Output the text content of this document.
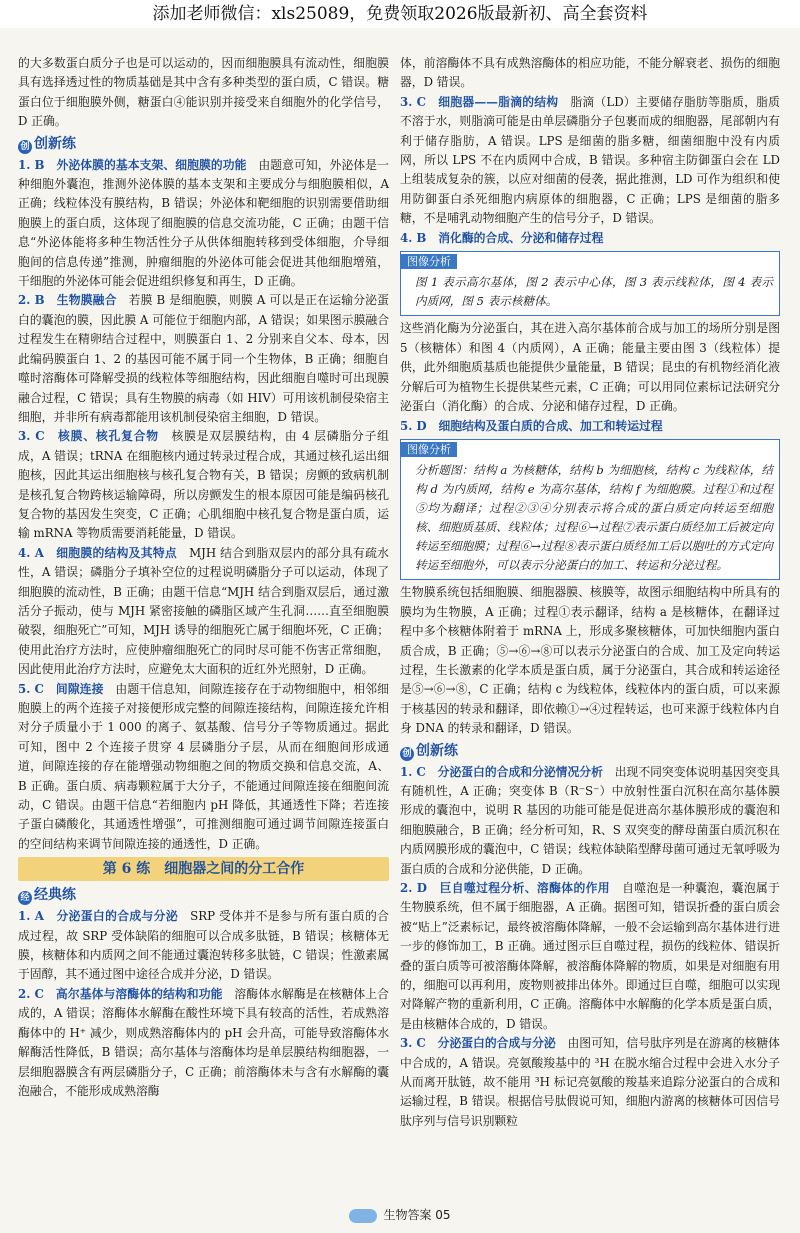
添加老师微信：xls25089，免费领取2026版最新初、高全套资料

的大多数蛋白质分子也是可以运动的，因而细胞膜具有流动性，细胞膜具有选择透过性的物质基础是其中含有多种类型的蛋白质，C 错误。糖蛋白位于细胞膜外侧，糖蛋白④能识别并接受来自细胞外的化学信号，D 正确。

创 创新练

1. B　 外泌体膜的基本支架、细胞膜的功能　 由题意可知，外泌体是一种细胞外囊泡，推测外泌体膜的基本支架和主要成分与细胞膜相似，A 正确；线粒体没有膜结构，B 错误；外泌体和靶细胞的识别需要借助细胞膜上的蛋白质，这体现了细胞膜的信息交流功能，C 正确；由题干信息“外泌体能将多种生物活性分子从供体细胞转移到受体细胞，介导细胞间的信息传递”推测，肿瘤细胞的外泌体可能会促进其他细胞增殖，干细胞的外泌体可能会促进组织修复和再生，D 正确。

2. B　 生物膜融合　 若膜 B 是细胞膜，则膜 A 可以是正在运输分泌蛋白的囊泡的膜，因此膜 A 可能位于细胞内部，A 错误；如果图示膜融合过程发生在精卵结合过程中，则膜蛋白 1、2 分别来自父本、母本，因此编码膜蛋白 1、2 的基因可能不属于同一个生物体，B 正确；细胞自噬时溶酶体可降解受损的线粒体等细胞结构，因此细胞自噬时可出现膜融合过程，C 错误；具有生物膜的病毒（如 HIV）可用该机制侵染宿主细胞，并非所有病毒都能用该机制侵染宿主细胞，D 错误。

3. C　 核膜、核孔复合物　 核膜是双层膜结构，由 4 层磷脂分子组成，A 错误；tRNA 在细胞核内通过转录过程合成，其通过核孔运出细胞核，因此其运出细胞核与核孔复合物有关，B 错误；房颤的致病机制是核孔复合物跨核运输障碍，所以房颤发生的根本原因可能是编码核孔复合物的基因发生突变，C 正确；心肌细胞中核孔复合物是蛋白质，运输 mRNA 等物质需要消耗能量，D 错误。

4. A　 细胞膜的结构及其特点　 MJH 结合到脂双层内的部分具有疏水性，A 错误；磷脂分子填补空位的过程说明磷脂分子可以运动，体现了细胞膜的流动性，B 正确；由题干信息“MJH 结合到脂双层后，通过激活分子振动，使与 MJH 紧密接触的磷脂区域产生孔洞……直至细胞膜破裂，细胞死亡”可知，MJH 诱导的细胞死亡属于细胞坏死，C 正确；使用此治疗方法时，应使肿瘤细胞死亡的同时尽可能不伤害正常细胞，因此使用此治疗方法时，应避免太大面积的近红外光照射，D 正确。

5. C　 间隙连接　 由题干信息知，间隙连接存在于动物细胞中，相邻细胞膜上的两个连接子对接便形成完整的间隙连接结构，间隙连接允许相对分子质量小于 1 000 的离子、氨基酸、信号分子等物质通过。据此可知，图中 2 个连接子贯穿 4 层磷脂分子层，从而在细胞间形成通道，间隙连接的存在能增强动物细胞之间的物质交换和信息交流，A、B 正确。蛋白质、病毒颗粒属于大分子，不能通过间隙连接在细胞间流动，C 错误。由题干信息“若细胞内 pH 降低，其通透性下降；若连接子蛋白磷酸化，其通透性增强”，可推测细胞可通过调节间隙连接蛋白的空间结构来调节间隙连接的通透性，D 正确。

第 6 练　细胞器之间的分工合作
经 经典练

1. A　 分泌蛋白的合成与分泌　 SRP 受体并不是参与所有蛋白质的合成过程，故 SRP 受体缺陷的细胞可以合成多肽链，B 错误；核糖体无膜，核糖体和内质网之间不能通过囊泡转移多肽链，C 错误；性激素属于固醇，其不通过图中途径合成并分泌，D 错误。

2. C　 高尔基体与溶酶体的结构和功能　 溶酶体水解酶是在核糖体上合成的，A 错误；溶酶体水解酶在酸性环境下具有较高的活性，若成熟溶酶体中的 H⁺ 减少，则成熟溶酶体内的 pH 会升高，可能导致溶酶体水解酶活性降低，B 错误；高尔基体与溶酶体均是单层膜结构细胞器，一层细胞器膜含有两层磷脂分子，C 正确；前溶酶体未与含有水解酶的囊泡融合，不能形成成熟溶酶

体，前溶酶体不具有成熟溶酶体的相应功能，不能分解衰老、损伤的细胞器，D 错误。

3. C　 细胞器——脂滴的结构　 脂滴（LD）主要储存脂肪等脂质，脂质不溶于水，则脂滴可能是由单层磷脂分子包裹而成的细胞器，尾部朝内有利于储存脂肪，A 错误。LPS 是细菌的脂多糖，细菌细胞中没有内质网，所以 LPS 不在内质网中合成，B 错误。多种宿主防御蛋白会在 LD 上组装成复杂的簇，以应对细菌的侵袭，据此推测，LD 可作为组织和使用防御蛋白杀死细胞内病原体的细胞器，C 正确；LPS 是细菌的脂多糖，不是哺乳动物细胞产生的信号分子，D 错误。

4. B　 消化酶的合成、分泌和储存过程

图像分析
图 1 表示高尔基体，图 2 表示中心体，图 3 表示线粒体，图 4 表示内质网，图 5 表示核糖体。

这些消化酶为分泌蛋白，其在进入高尔基体前合成与加工的场所分别是图 5（核糖体）和图 4（内质网），A 正确；能量主要由图 3（线粒体）提供，此外细胞质基质也能提供少量能量，B 错误；昆虫的有机物经消化液分解后可为植物生长提供某些元素，C 正确；可以用同位素标记法研究分泌蛋白（消化酶）的合成、分泌和储存过程，D 正确。

5. D　 细胞结构及蛋白质的合成、加工和转运过程

图像分析
分析题图：结构 a 为核糖体，结构 b 为细胞核，结构 c 为线粒体，结构 d 为内质网，结构 e 为高尔基体，结构 f 为细胞膜。过程①和过程⑤均为翻译；过程②③④分别表示将合成的蛋白质定向转运至细胞核、细胞质基质、线粒体；过程⑥→过程⑦表示蛋白质经加工后被定向转运至细胞膜；过程⑥→过程⑧表示蛋白质经加工后以胞吐的方式定向转运至细胞外，可以表示分泌蛋白的加工、转运和分泌过程。

生物膜系统包括细胞膜、细胞器膜、核膜等，故图示细胞结构中所具有的膜均为生物膜，A 正确；过程①表示翻译，结构 a 是核糖体，在翻译过程中多个核糖体附着于 mRNA 上，形成多聚核糖体，可加快细胞内蛋白质合成，B 正确；⑤→⑥→⑧可以表示分泌蛋白的合成、加工及定向转运过程，生长激素的化学本质是蛋白质，属于分泌蛋白，其合成和转运途径是⑤→⑥→⑧，C 正确；结构 c 为线粒体，线粒体内的蛋白质，可以来源于核基因的转录和翻译，即依赖①→④过程转运，也可来源于线粒体内自身 DNA 的转录和翻译，D 错误。

创 创新练

1. C　 分泌蛋白的合成和分泌情况分析　 出现不同突变体说明基因突变具有随机性，A 正确；突变体 B（R⁻S⁻）中放射性蛋白沉积在高尔基体膜形成的囊泡中，说明 R 基因的功能可能是促进高尔基体膜形成的囊泡和细胞膜融合，B 正确；经分析可知，R、S 双突变的酵母菌蛋白质沉积在内质网膜形成的囊泡中，C 错误；线粒体缺陷型酵母菌可通过无氧呼吸为蛋白质的合成和分泌供能，D 正确。

2. D　 巨自噬过程分析、溶酶体的作用　 自噬泡是一种囊泡，囊泡属于生物膜系统，但不属于细胞器，A 正确。据图可知，错误折叠的蛋白质会被“贴上”泛素标记，最终被溶酶体降解，一般不会运输到高尔基体进行进一步的修饰加工，B 正确。通过图示巨自噬过程，损伤的线粒体、错误折叠的蛋白质等可被溶酶体降解，被溶酶体降解的物质，如果是对细胞有用的，细胞可以再利用，废物则被排出体外。即通过巨自噬，细胞可以实现对降解产物的重新利用，C 正确。溶酶体中水解酶的化学本质是蛋白质，是由核糖体合成的，D 错误。

3. C　 分泌蛋白的合成与分泌　 由图可知，信号肽序列是在游离的核糖体中合成的，A 错误。亮氨酸羧基中的 ³H 在脱水缩合过程中会进入水分子从而离开肽链，故不能用 ³H 标记亮氨酸的羧基来追踪分泌蛋白的合成和运输过程，B 错误。根据信号肽假说可知，细胞内游离的核糖体可因信号肽序列与信号识别颗粒

生物答案 05
